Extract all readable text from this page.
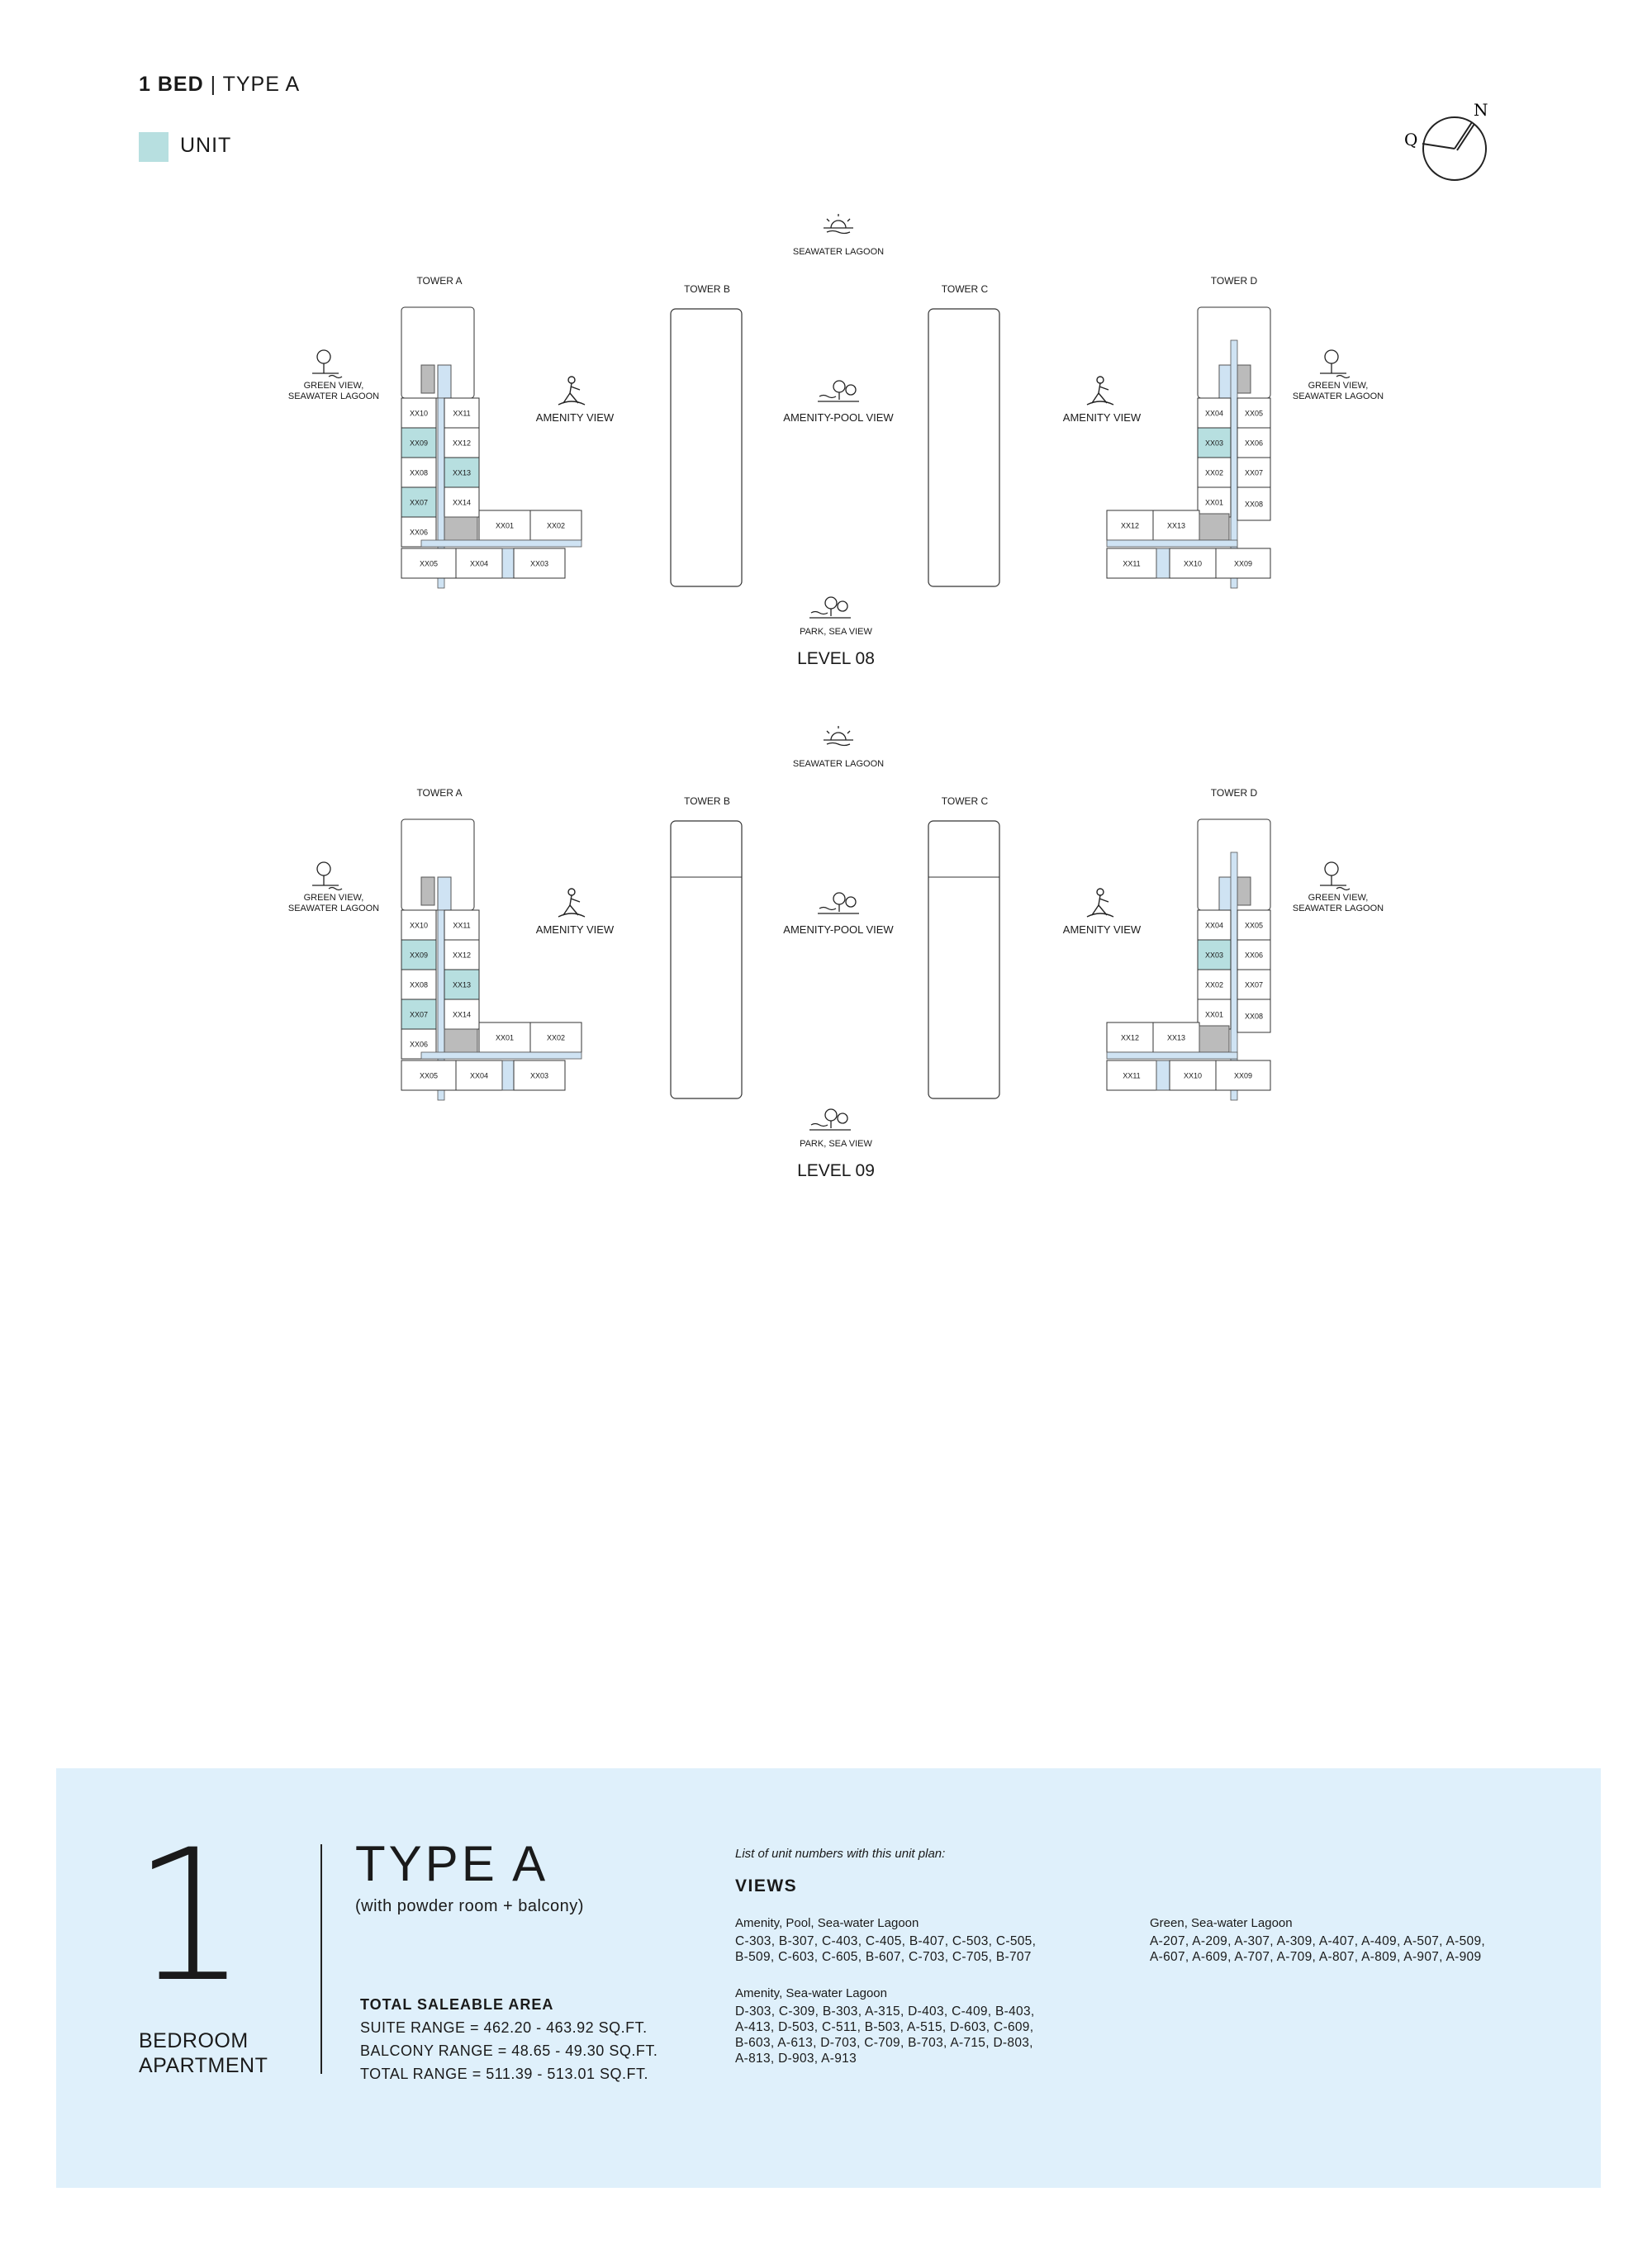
1 BED | TYPE A
UNIT
N
Q
SEAWATER LAGOON
TOWER A
TOWER B	TOWER C
TOWER D
XX10
XX09
XX08
XX07
XX06
XX11
XX12
XX13
XX14
XX01	XX02
XX05	XX04	XX03
XX04
XX03
XX02
XX01
XX05
XX06
XX07
XX08
XX12	XX13
XX11	XX10	XX09
GREEN VIEW,
SEAWATER LAGOON
GREEN VIEW,
SEAWATER LAGOON
AMENITY VIEW	AMENITY-POOL VIEW	AMENITY VIEW
PARK, SEA VIEW
LEVEL 08
SEAWATER LAGOON
TOWER A
TOWER B	TOWER C
TOWER D
XX10
XX09
XX08
XX07
XX06
XX11
XX12
XX13
XX14
XX01	XX02
XX05	XX04	XX03
XX04
XX03
XX02
XX01
XX05
XX06
XX07
XX08
XX12	XX13
XX11	XX10	XX09
GREEN VIEW,
SEAWATER LAGOON
GREEN VIEW,
SEAWATER LAGOON
AMENITY VIEW	AMENITY-POOL VIEW	AMENITY VIEW
PARK, SEA VIEW
LEVEL 09
1
BEDROOM
APARTMENT
TYPE A
(with powder room + balcony)
TOTAL SALEABLE AREA
SUITE RANGE = 462.20 - 463.92 SQ.FT.
BALCONY RANGE = 48.65 - 49.30 SQ.FT.
TOTAL RANGE = 511.39 - 513.01 SQ.FT.
List of unit numbers with this unit plan:
VIEWS
Amenity, Pool, Sea-water Lagoon
C-303, B-307, C-403, C-405, B-407, C-503, C-505,
B-509, C-603, C-605, B-607, C-703, C-705, B-707
Amenity, Sea-water Lagoon
D-303, C-309, B-303, A-315, D-403, C-409, B-403,
A-413, D-503, C-511, B-503, A-515, D-603, C-609,
B-603, A-613, D-703, C-709, B-703, A-715, D-803,
A-813, D-903, A-913
Green, Sea-water Lagoon
A-207, A-209, A-307, A-309, A-407, A-409, A-507, A-509,
A-607, A-609, A-707, A-709, A-807, A-809, A-907, A-909
